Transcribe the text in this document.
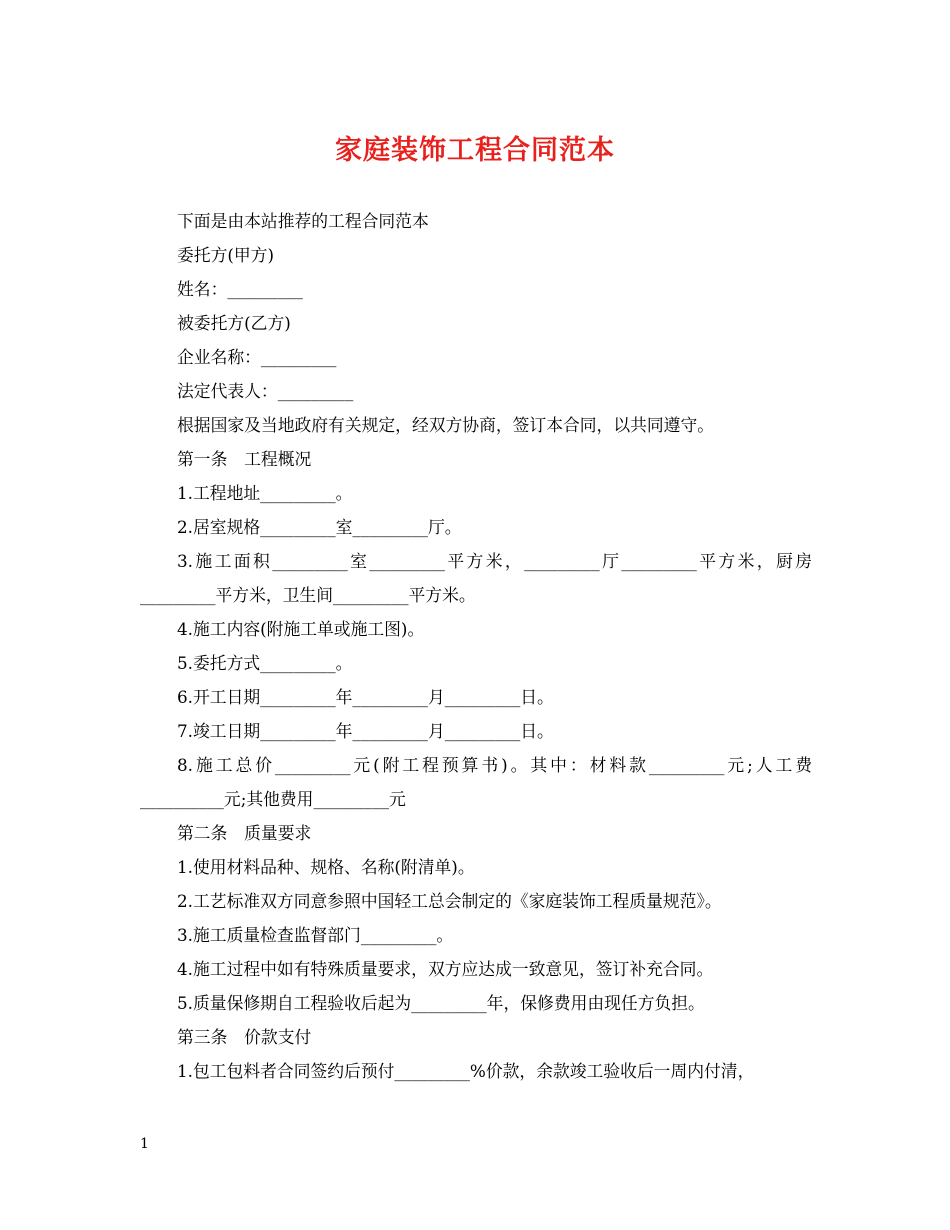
家庭装饰工程合同范本

下面是由本站推荐的工程合同范本

委托方(甲方)

姓名：_________

被委托方(乙方)

企业名称：_________

法定代表人：_________

根据国家及当地政府有关规定，经双方协商，签订本合同，以共同遵守。

第一条　工程概况

1.工程地址_________。

2.居室规格_________室_________厅。

3.施工面积_________室_________平方米，_________厅_________平方米，厨房_________平方米，卫生间_________平方米。

4.施工内容(附施工单或施工图)。

5.委托方式_________。

6.开工日期_________年_________月_________日。

7.竣工日期_________年_________月_________日。

8.施工总价_________元(附工程预算书)。其中：材料款_________元;人工费__________元;其他费用_________元

第二条　质量要求

1.使用材料品种、规格、名称(附清单)。

2.工艺标准双方同意参照中国轻工总会制定的《家庭装饰工程质量规范》。

3.施工质量检查监督部门_________。

4.施工过程中如有特殊质量要求，双方应达成一致意见，签订补充合同。

5.质量保修期自工程验收后起为_________年，保修费用由现任方负担。

第三条　价款支付

1.包工包料者合同签约后预付_________%价款，余款竣工验收后一周内付清，

1
